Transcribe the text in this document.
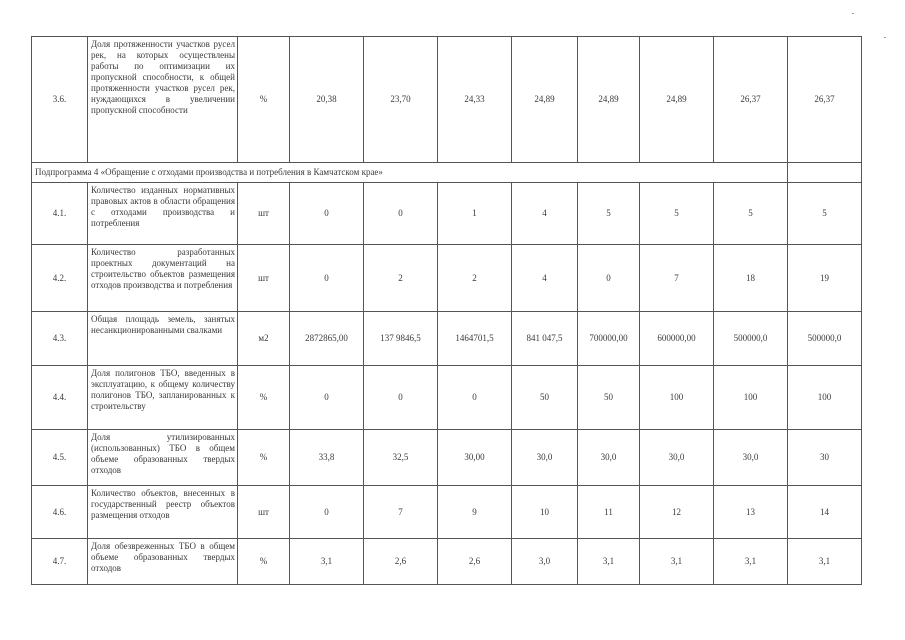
3.6.	Доля протяженности участков русел рек, на которых осуществлены работы по оптимизации их пропускной способности, к общей протяженности участков русел рек, нуждающихся в увеличении пропускной способности	%	20,38	23,70	24,33	24,89	24,89	24,89	26,37	26,37
Подпрограмма 4 «Обращение с отходами производства и потребления в Камчатском крае»										
4.1.	Количество изданных нормативных правовых актов в области обращения с отходами производства и потребления	шт	0	0	1	4	5	5	5	5
4.2.	Количество разработанных проектных документаций на строительство объектов размещения отходов производства и потребления	шт	0	2	2	4	0	7	18	19
4.3.	Общая площадь земель, занятых несанкционированными свалками	м2	2872865,00	137 9846,5	1464701,5	841 047,5	700000,00	600000,00	500000,0	500000,0
4.4.	Доля полигонов ТБО, введенных в эксплуатацию, к общему количеству полигонов ТБО, запланированных к строительству	%	0	0	0	50	50	100	100	100
4.5.	Доля утилизированных (использованных) ТБО в общем объеме образованных твердых отходов	%	33,8	32,5	30,00	30,0	30,0	30,0	30,0	30
4.6.	Количество объектов, внесенных в государственный реестр объектов размещения отходов	шт	0	7	9	10	11	12	13	14
4.7.	Доля обезвреженных ТБО в общем объеме образованных твердых отходов	%	3,1	2,6	2,6	3,0	3,1	3,1	3,1	3,1
